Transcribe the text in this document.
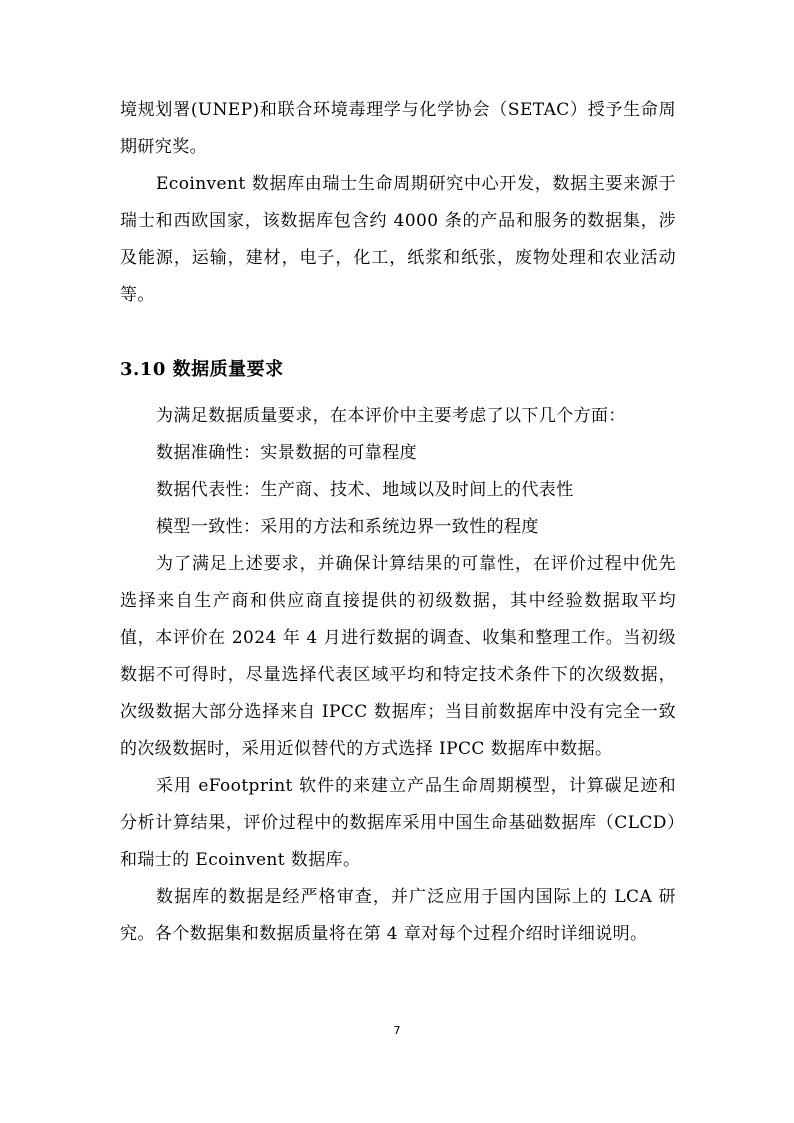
境规划署(UNEP)和联合环境毒理学与化学协会（SETAC）授予生命周期研究奖。

Ecoinvent 数据库由瑞士生命周期研究中心开发，数据主要来源于瑞士和西欧国家，该数据库包含约 4000 条的产品和服务的数据集，涉及能源，运输，建材，电子，化工，纸浆和纸张，废物处理和农业活动等。

3.10 数据质量要求

为满足数据质量要求，在本评价中主要考虑了以下几个方面：

数据准确性：实景数据的可靠程度

数据代表性：生产商、技术、地域以及时间上的代表性

模型一致性：采用的方法和系统边界一致性的程度

为了满足上述要求，并确保计算结果的可靠性，在评价过程中优先选择来自生产商和供应商直接提供的初级数据，其中经验数据取平均值，本评价在 2024 年 4 月进行数据的调查、收集和整理工作。当初级数据不可得时，尽量选择代表区域平均和特定技术条件下的次级数据，次级数据大部分选择来自 IPCC 数据库；当目前数据库中没有完全一致的次级数据时，采用近似替代的方式选择 IPCC 数据库中数据。

采用 eFootprint 软件的来建立产品生命周期模型，计算碳足迹和分析计算结果，评价过程中的数据库采用中国生命基础数据库（CLCD）和瑞士的 Ecoinvent 数据库。

数据库的数据是经严格审查，并广泛应用于国内国际上的 LCA 研究。各个数据集和数据质量将在第 4 章对每个过程介绍时详细说明。

7
